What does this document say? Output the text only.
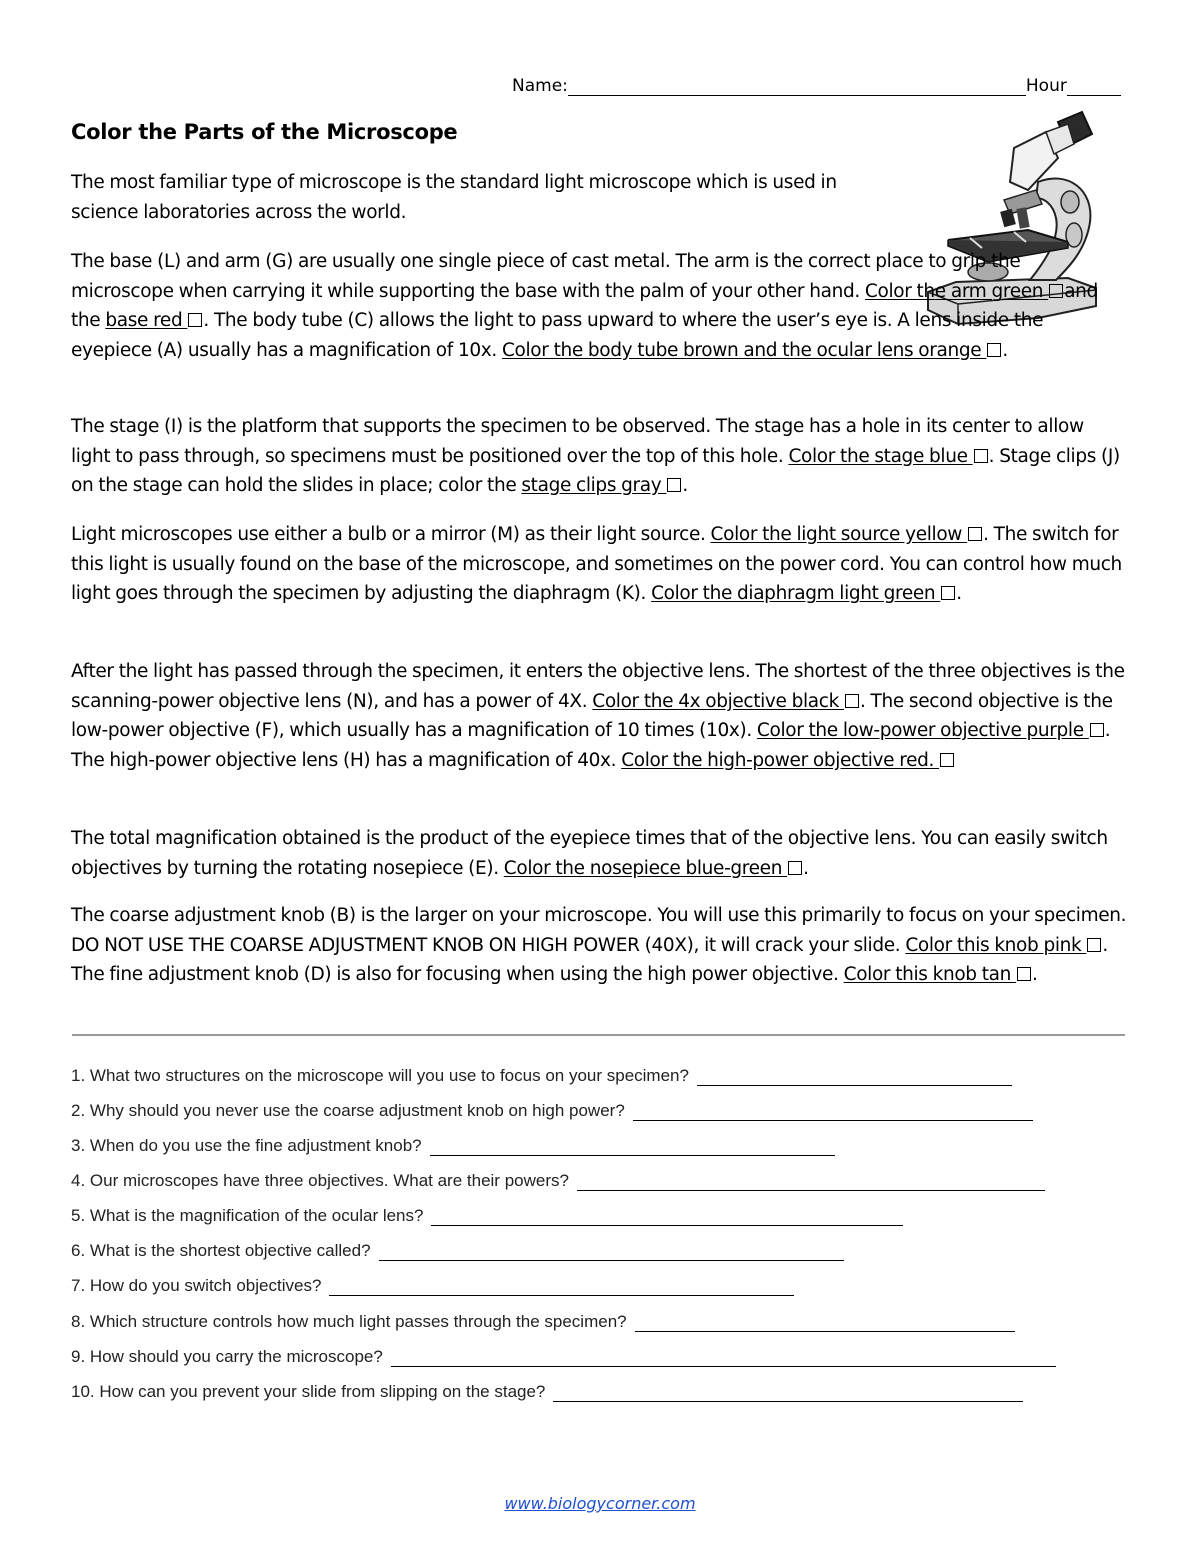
Name:	Hour
Color the Parts of the Microscope
The most familiar type of microscope is the standard light microscope which is used in science laboratories across the world.
The base (L) and arm (G) are usually one single piece of cast metal. The arm is the correct place to grip the microscope when carrying it while supporting the base with the palm of your other hand. Color the arm green and the base red . The body tube (C) allows the light to pass upward to where the user’s eye is. A lens inside the eyepiece (A) usually has a magnification of 10x. Color the body tube brown and the ocular lens orange .
The stage (I) is the platform that supports the specimen to be observed. The stage has a hole in its center to allow light to pass through, so specimens must be positioned over the top of this hole. Color the stage blue . Stage clips (J) on the stage can hold the slides in place; color the stage clips gray .
Light microscopes use either a bulb or a mirror (M) as their light source. Color the light source yellow . The switch for this light is usually found on the base of the microscope, and sometimes on the power cord. You can control how much light goes through the specimen by adjusting the diaphragm (K). Color the diaphragm light green .
After the light has passed through the specimen, it enters the objective lens. The shortest of the three objectives is the scanning-power objective lens (N), and has a power of 4X. Color the 4x objective black . The second objective is the low-power objective (F), which usually has a magnification of 10 times (10x). Color the low-power objective purple . The high-power objective lens (H) has a magnification of 40x. Color the high-power objective red.
The total magnification obtained is the product of the eyepiece times that of the objective lens. You can easily switch objectives by turning the rotating nosepiece (E). Color the nosepiece blue-green .
The coarse adjustment knob (B) is the larger on your microscope. You will use this primarily to focus on your specimen. DO NOT USE THE COARSE ADJUSTMENT KNOB ON HIGH POWER (40X), it will crack your slide. Color this knob pink . The fine adjustment knob (D) is also for focusing when using the high power objective. Color this knob tan .
1. What two structures on the microscope will you use to focus on your specimen?
2. Why should you never use the coarse adjustment knob on high power?
3. When do you use the fine adjustment knob?
4. Our microscopes have three objectives. What are their powers?
5. What is the magnification of the ocular lens?
6. What is the shortest objective called?
7. How do you switch objectives?
8. Which structure controls how much light passes through the specimen?
9. How should you carry the microscope?
10. How can you prevent your slide from slipping on the stage?
www.biologycorner.com
